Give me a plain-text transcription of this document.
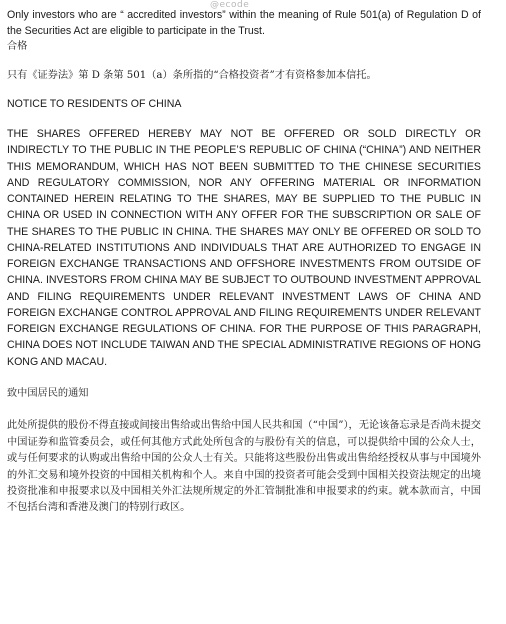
@ecode

Only investors who are “ accredited investors” within the meaning of Rule 501(a) of Regulation D of the Securities Act are eligible to participate in the Trust.

合格

只有《证券法》第 D 条第 501（a）条所指的“合格投资者”才有资格参加本信托。

NOTICE TO RESIDENTS OF CHINA

THE SHARES OFFERED HEREBY MAY NOT BE OFFERED OR SOLD DIRECTLY OR INDIRECTLY TO THE PUBLIC IN THE PEOPLE’S REPUBLIC OF CHINA (“CHINA”) AND NEITHER THIS MEMORANDUM, WHICH HAS NOT BEEN SUBMITTED TO THE CHINESE SECURITIES AND REGULATORY COMMISSION, NOR ANY OFFERING MATERIAL OR INFORMATION CONTAINED HEREIN RELATING TO THE SHARES, MAY BE SUPPLIED TO THE PUBLIC IN CHINA OR USED IN CONNECTION WITH ANY OFFER FOR THE SUBSCRIPTION OR SALE OF THE SHARES TO THE PUBLIC IN CHINA. THE SHARES MAY ONLY BE OFFERED OR SOLD TO CHINA-RELATED INSTITUTIONS AND INDIVIDUALS THAT ARE AUTHORIZED TO ENGAGE IN FOREIGN EXCHANGE TRANSACTIONS AND OFFSHORE INVESTMENTS FROM OUTSIDE OF CHINA. INVESTORS FROM CHINA MAY BE SUBJECT TO OUTBOUND INVESTMENT APPROVAL AND FILING REQUIREMENTS UNDER RELEVANT INVESTMENT LAWS OF CHINA AND FOREIGN EXCHANGE CONTROL APPROVAL AND FILING REQUIREMENTS UNDER RELEVANT FOREIGN EXCHANGE REGULATIONS OF CHINA. FOR THE PURPOSE OF THIS PARAGRAPH, CHINA DOES NOT INCLUDE TAIWAN AND THE SPECIAL ADMINISTRATIVE REGIONS OF HONG KONG AND MACAU.

致中国居民的通知

此处所提供的股份不得直接或间接出售给或出售给中国人民共和国（“中国”），无论该备忘录是否尚未提交中国证券和监管委员会，或任何其他方式此处所包含的与股份有关的信息，可以提供给中国的公众人士，或与任何要求的认购或出售给中国的公众人士有关。只能将这些股份出售或出售给经授权从事与中国境外的外汇交易和境外投资的中国相关机构和个人。来自中国的投资者可能会受到中国相关投资法规定的出境投资批准和申报要求以及中国相关外汇法规所规定的外汇管制批准和申报要求的约束。就本款而言，中国不包括台湾和香港及澳门的特别行政区。
